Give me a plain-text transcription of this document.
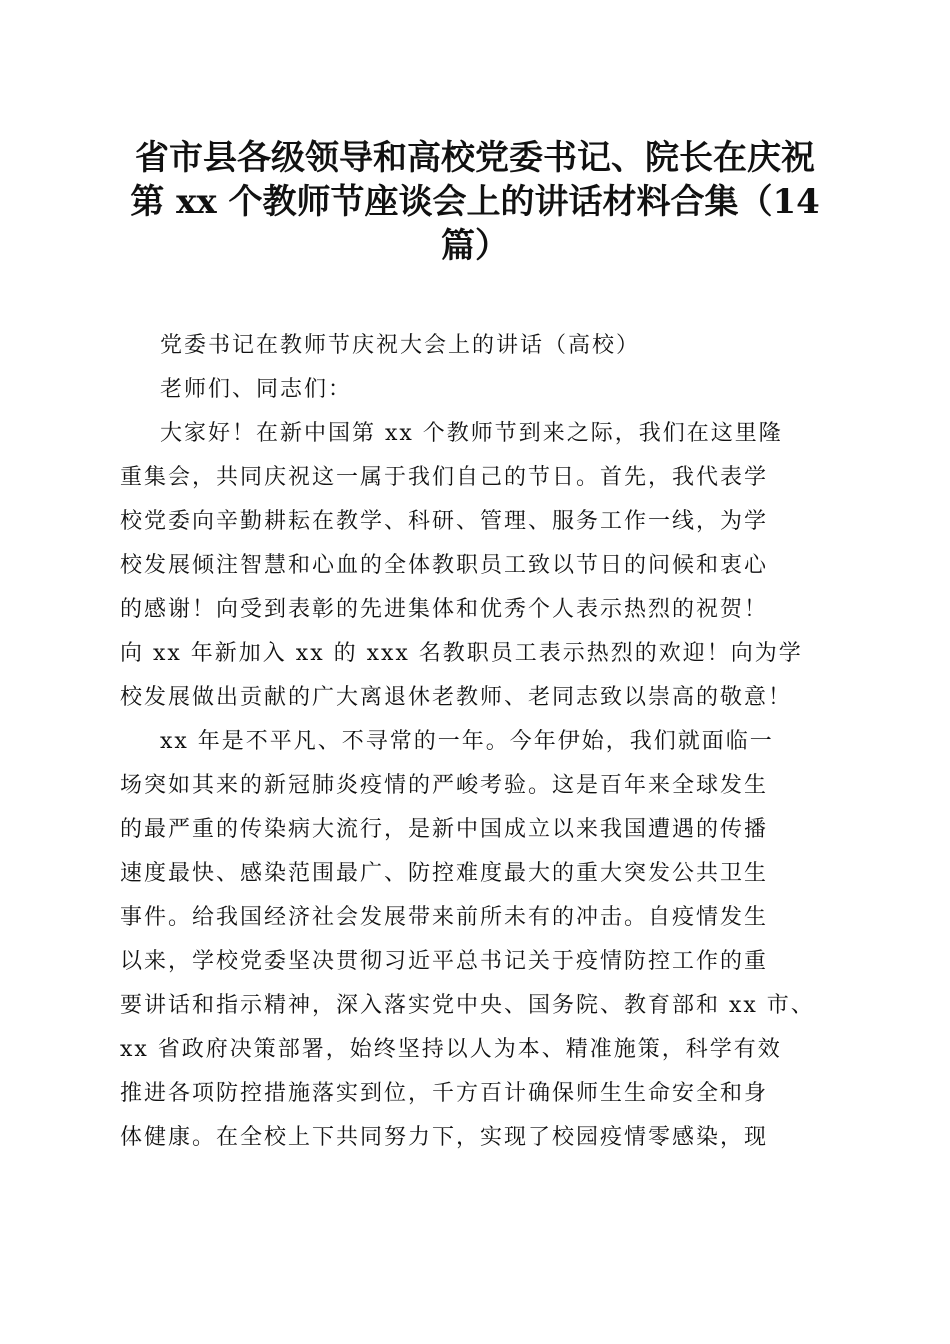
省市县各级领导和高校党委书记、院长在庆祝
第 xx 个教师节座谈会上的讲话材料合集（14
篇）

党委书记在教师节庆祝大会上的讲话（高校）

老师们、同志们：

大家好！在新中国第 xx 个教师节到来之际，我们在这里隆
重集会，共同庆祝这一属于我们自己的节日。首先，我代表学
校党委向辛勤耕耘在教学、科研、管理、服务工作一线，为学
校发展倾注智慧和心血的全体教职员工致以节日的问候和衷心
的感谢！向受到表彰的先进集体和优秀个人表示热烈的祝贺！
向 xx 年新加入 xx 的 xxx 名教职员工表示热烈的欢迎！向为学
校发展做出贡献的广大离退休老教师、老同志致以崇高的敬意！

xx 年是不平凡、不寻常的一年。今年伊始，我们就面临一
场突如其来的新冠肺炎疫情的严峻考验。这是百年来全球发生
的最严重的传染病大流行，是新中国成立以来我国遭遇的传播
速度最快、感染范围最广、防控难度最大的重大突发公共卫生
事件。给我国经济社会发展带来前所未有的冲击。自疫情发生
以来，学校党委坚决贯彻习近平总书记关于疫情防控工作的重
要讲话和指示精神，深入落实党中央、国务院、教育部和 xx 市、
xx 省政府决策部署，始终坚持以人为本、精准施策，科学有效
推进各项防控措施落实到位，千方百计确保师生生命安全和身
体健康。在全校上下共同努力下，实现了校园疫情零感染，现
